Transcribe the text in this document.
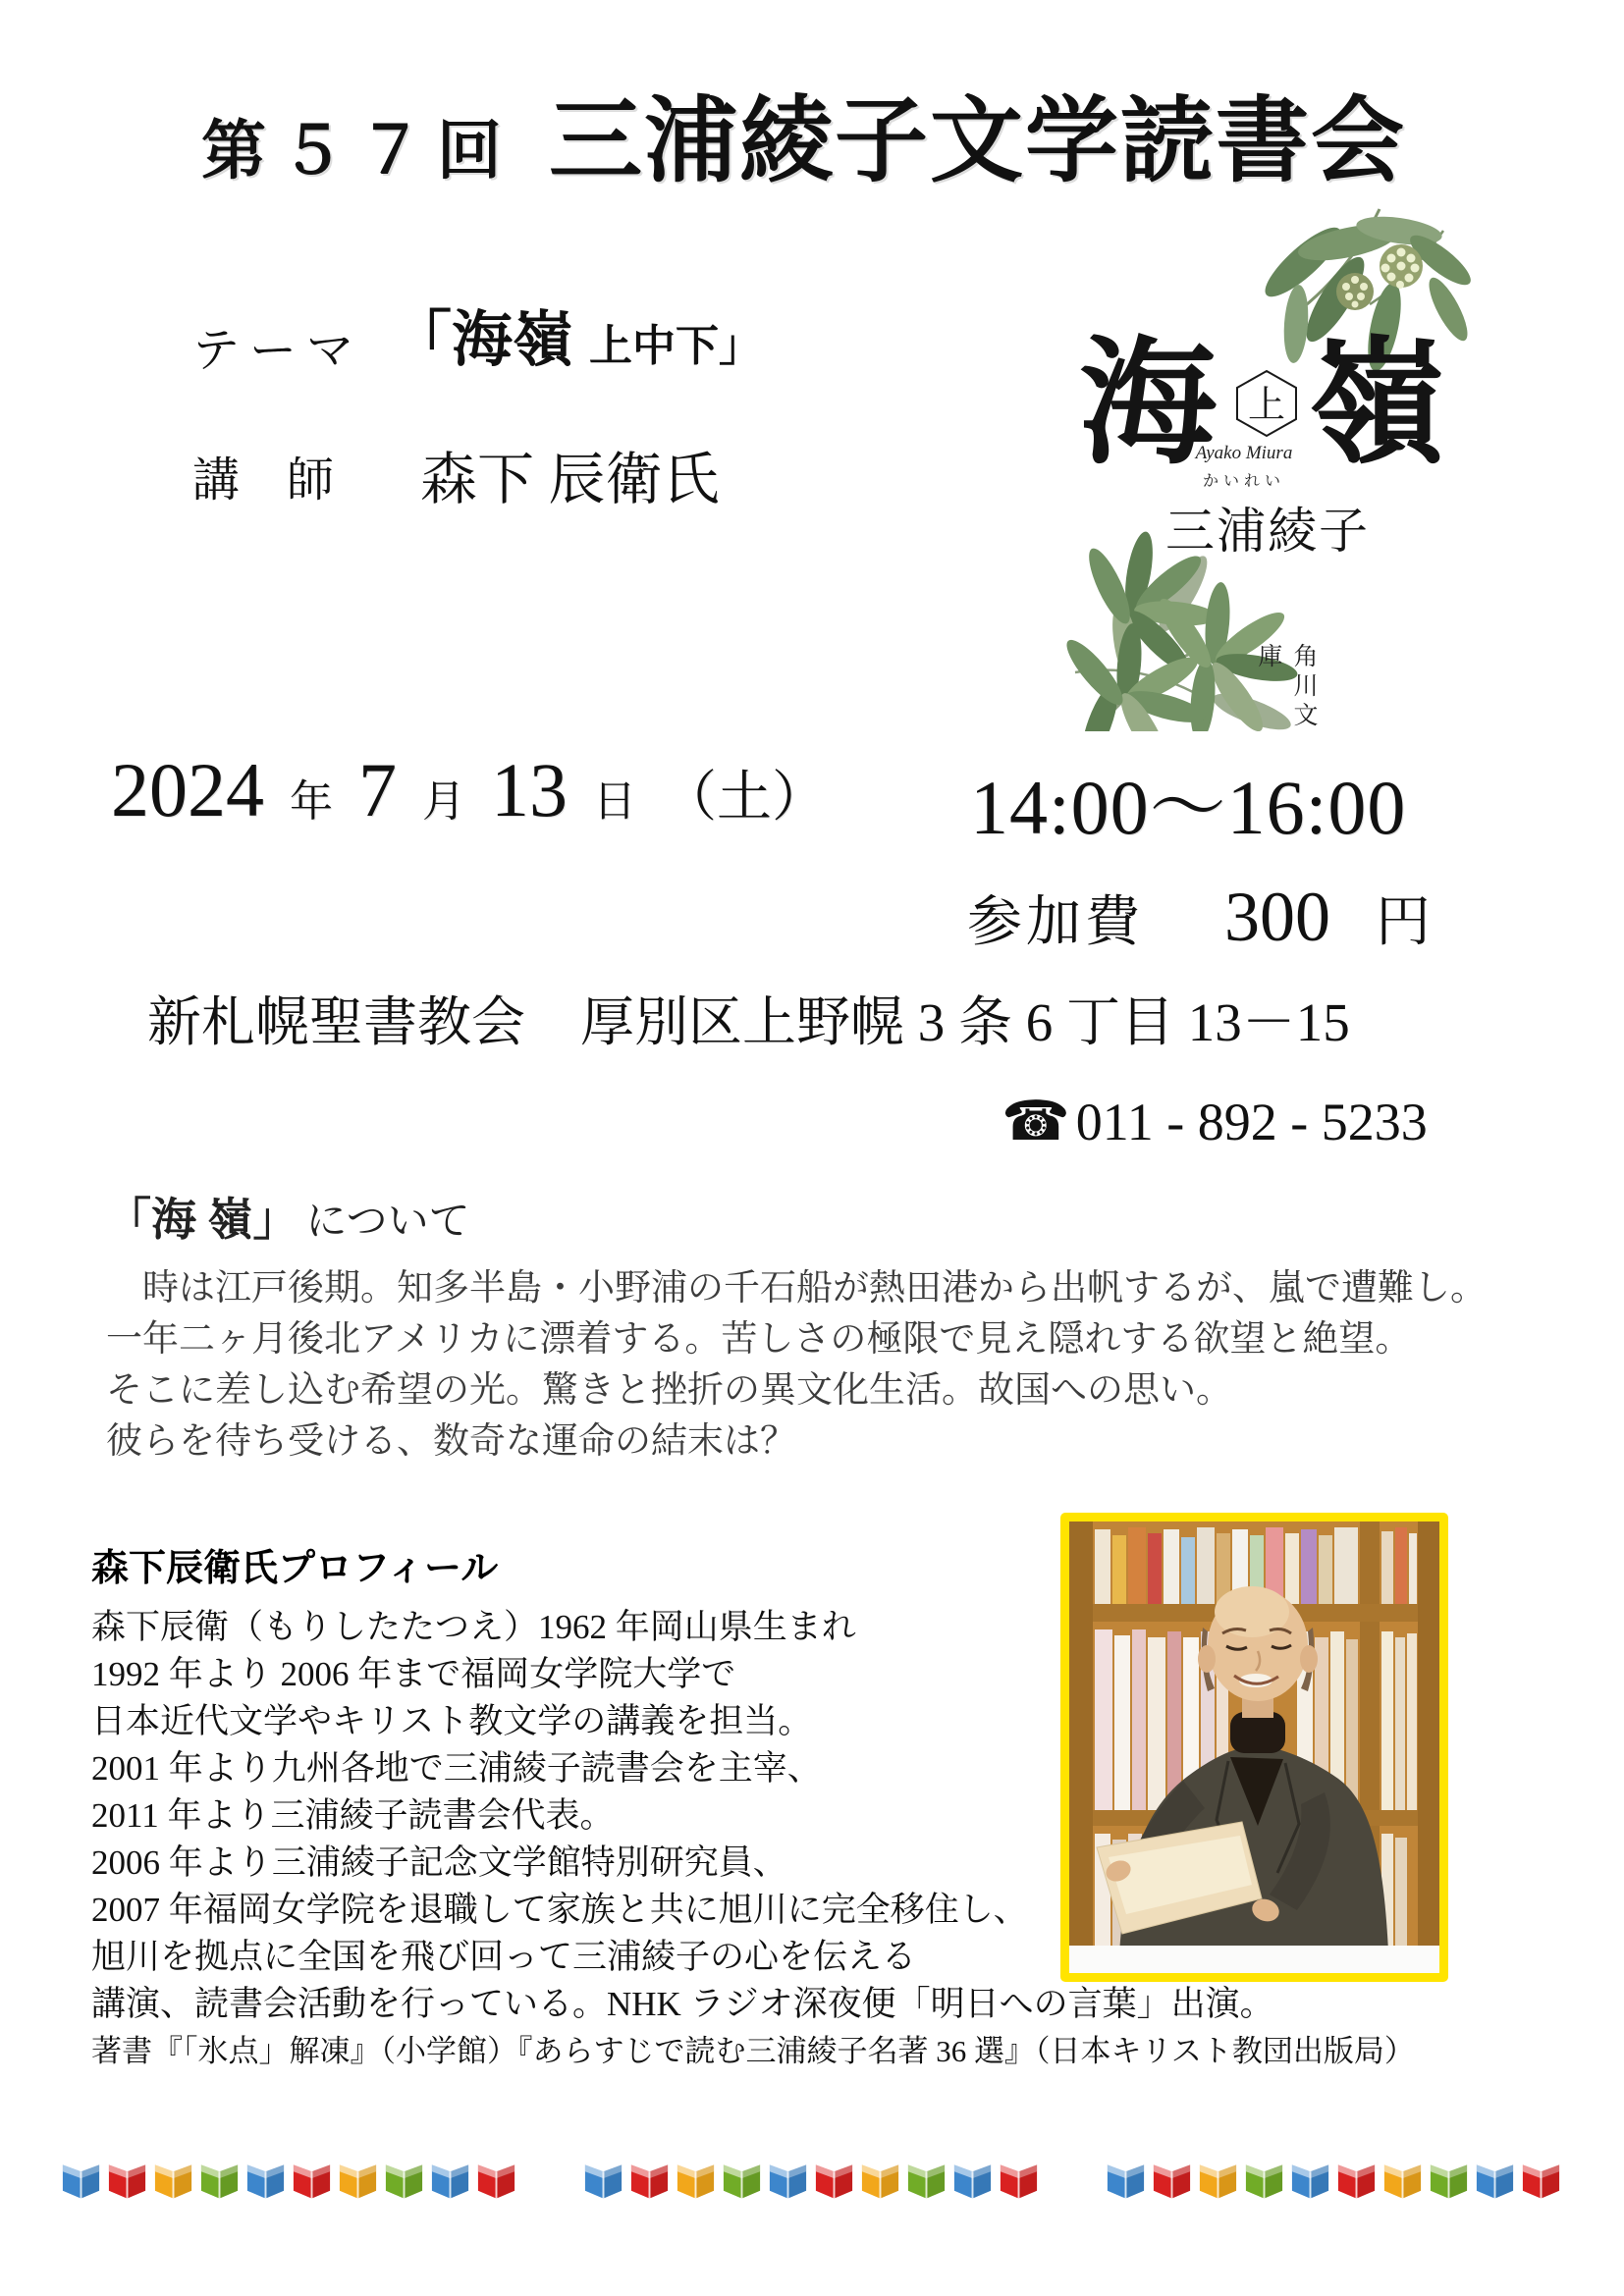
第５７回 三浦綾子文学読書会
テーマ 「海嶺 上中下」
講　師 森下 辰衛氏	海 上 嶺
Ayako Miura
かいれい
三浦綾子
角川文庫
2024 年 7 月 13 日 （土） 14:00～16:00
参加費 300 円
新札幌聖書教会 厚別区上野幌 3 条 6 丁目 13－15
☎ 011 - 892 - 5233
「海 嶺」 について
　時は江戸後期。知多半島・小野浦の千石船が熱田港から出帆するが、嵐で遭難し。
一年二ヶ月後北アメリカに漂着する。苦しさの極限で見え隠れする欲望と絶望。
そこに差し込む希望の光。驚きと挫折の異文化生活。故国への思い。
彼らを待ち受ける、数奇な運命の結末は？
森下辰衛氏プロフィール
森下辰衛（もりしたたつえ）1962 年岡山県生まれ
1992 年より 2006 年まで福岡女学院大学で
日本近代文学やキリスト教文学の講義を担当。
2001 年より九州各地で三浦綾子読書会を主宰、
2011 年より三浦綾子読書会代表。
2006 年より三浦綾子記念文学館特別研究員、
2007 年福岡女学院を退職して家族と共に旭川に完全移住し、
旭川を拠点に全国を飛び回って三浦綾子の心を伝える
講演、読書会活動を行っている。NHK ラジオ深夜便「明日への言葉」出演。
著書『「氷点」解凍』（小学館）『あらすじで読む三浦綾子名著 36 選』（日本キリスト教団出版局）
